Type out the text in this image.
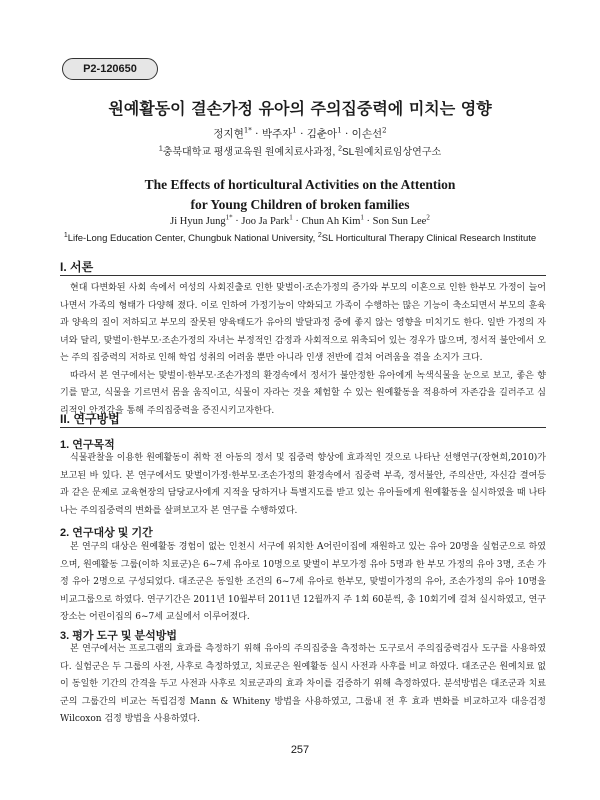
P2-120650
원예활동이 결손가정 유아의 주의집중력에 미치는 영향
정지현$^{1*}$ · 박주자$^1$ · 김춘아$^1$ · 이손선$^2$
$^1$충북대학교 평생교육원 원예치료사과정, $^2$SL원예치료임상연구소
The Effects of horticultural Activities on the Attention
for Young Children of broken families
Ji Hyun Jung$^{1*}$ · Joo Ja Park$^1$ · Chun Ah Kim$^1$ · Son Sun Lee$^2$
$^1$Life-Long Education Center, Chungbuk National University, $^2$SL Horticultural Therapy Clinical Research Institute
I. 서론

현대 다변화된 사회 속에서 여성의 사회진출로 인한 맞벌이·조손가정의 증가와 부모의 이혼으로 인한 한부모 가정이 늘어나면서 가족의 형태가 다양해 졌다. 이로 인하여 가정기능이 약화되고 가족이 수행하는 많은 기능이 축소되면서 부모의 훈육과 양육의 질이 저하되고 부모의 잘못된 양육태도가 유아의 발달과정 중에 좋지 않는 영향을 미치기도 한다. 일반 가정의 자녀와 달리, 맞벌이·한부모·조손가정의 자녀는 부정적인 감정과 사회적으로 위축되어 있는 경우가 많으며, 정서적 불안에서 오는 주의 집중력의 저하로 인해 학업 성취의 어려움 뿐만 아니라 인생 전반에 걸쳐 어려움을 겪을 소지가 크다.

따라서 본 연구에서는 맞벌이·한부모·조손가정의 환경속에서 정서가 불안정한 유아에게 녹색식물을 눈으로 보고, 좋은 향기를 맡고, 식물을 기르면서 몸을 움직이고, 식물이 자라는 것을 체험할 수 있는 원예활동을 적용하여 자존감을 길러주고 심리적인 안정감을 통해 주의집중력을 증진시키고자한다.

II. 연구방법
1. 연구목적

식물관찰을 이용한 원예활동이 취학 전 아동의 정서 및 집중력 향상에 효과적인 것으로 나타난 선행연구(장현희,2010)가 보고된 바 있다. 본 연구에서도 맞벌이가정·한부모·조손가정의 환경속에서 집중력 부족, 정서불안, 주의산만, 자신감 결여등과 같은 문제로 교육현장의 담당교사에게 지적을 당하거나 특별지도를 받고 있는 유아들에게 원예활동을 실시하였을 때 나타나는 주의집중력의 변화를 살펴보고자 본 연구를 수행하였다.

2. 연구대상 및 기간

본 연구의 대상은 원예활동 경험이 없는 인천시 서구에 위치한 A어린이집에 재원하고 있는 유아 20명을 실험군으로 하였으며, 원예활동 그룹(이하 치료군)은 6~7세 유아로 10명으로 맞벌이 부모가정 유아 5명과 한 부모 가정의 유아 3명, 조손 가정 유아 2명으로 구성되었다. 대조군은 동일한 조건의 6~7세 유아로 한부모, 맞벌이가정의 유아, 조손가정의 유아 10명을 비교그룹으로 하였다. 연구기간은 2011년 10월부터 2011년 12월까지 주 1회 60분씩, 총 10회기에 걸쳐 실시하였고, 연구 장소는 어린이집의 6~7세 교실에서 이루어졌다.

3. 평가 도구 및 분석방법

본 연구에서는 프로그램의 효과를 측정하기 위해 유아의 주의집중을 측정하는 도구로서 주의집중력검사 도구를 사용하였다. 실험군은 두 그룹의 사전, 사후로 측정하였고, 치료군은 원예활동 실시 사전과 사후를 비교 하였다. 대조군은 원예치료 없이 동일한 기간의 간격을 두고 사전과 사후로 치료군과의 효과 차이를 검증하기 위해 측정하였다. 분석방법은 대조군과 치료군의 그룹간의 비교는 독립검정 Mann & Whiteny 방법을 사용하였고, 그룹내 전 후 효과 변화를 비교하고자 대응검정 Wilcoxon 검정 방법을 사용하였다.

257
